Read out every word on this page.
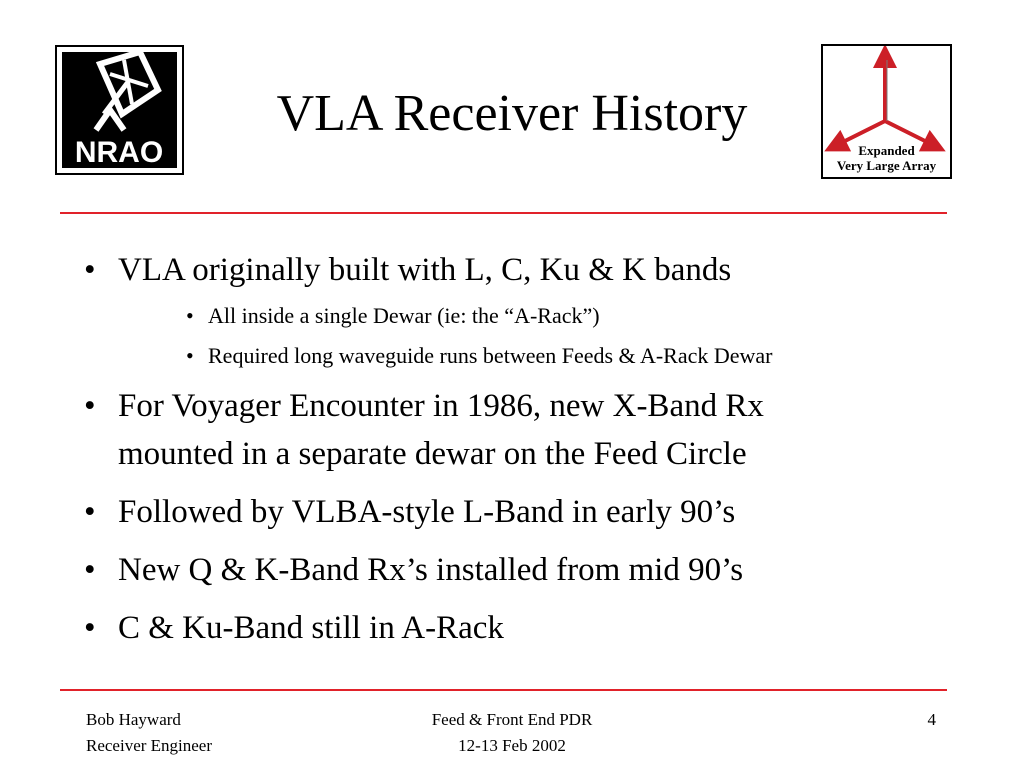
NRAO
VLA Receiver History
Expanded
Very Large Array
• VLA originally built with L, C, Ku & K bands
• All inside a single Dewar (ie: the “A-Rack”)
• Required long waveguide runs between Feeds & A-Rack Dewar
• For Voyager Encounter in 1986, new X-Band Rx
mounted in a separate dewar on the Feed Circle
• Followed by VLBA-style L-Band in early 90’s
• New Q & K-Band Rx’s installed from mid 90’s
• C & Ku-Band still in A-Rack
Bob Hayward
Receiver Engineer
Feed & Front End PDR
12-13 Feb 2002
4
